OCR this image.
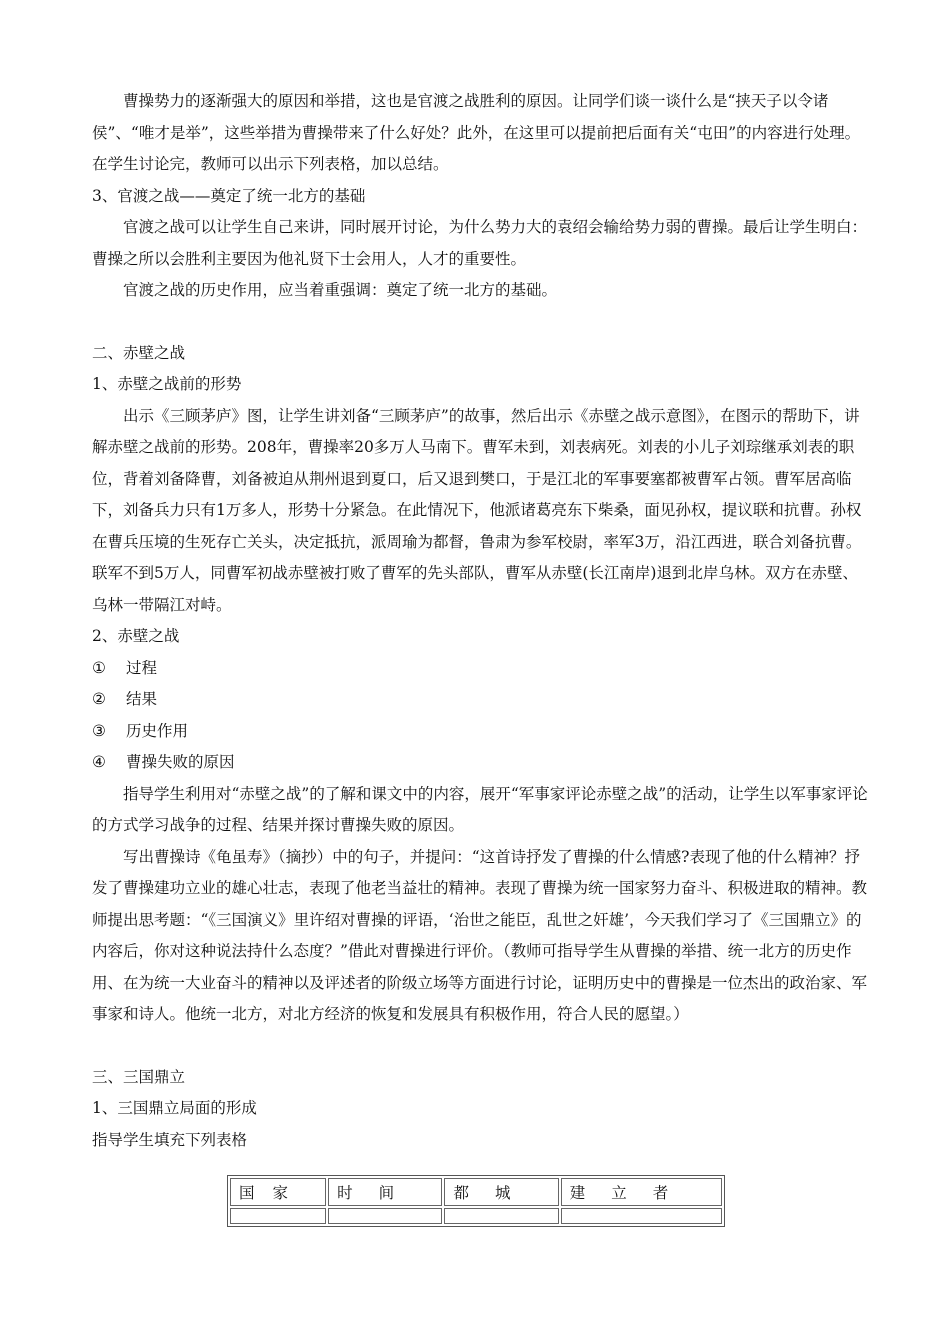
曹操势力的逐渐强大的原因和举措，这也是官渡之战胜利的原因。让同学们谈一谈什么是“挟天子以令诸侯”、“唯才是举”，这些举措为曹操带来了什么好处？此外，在这里可以提前把后面有关“屯田”的内容进行处理。在学生讨论完，教师可以出示下列表格，加以总结。

3、官渡之战——奠定了统一北方的基础

官渡之战可以让学生自己来讲，同时展开讨论，为什么势力大的袁绍会输给势力弱的曹操。最后让学生明白：曹操之所以会胜利主要因为他礼贤下士会用人，人才的重要性。

官渡之战的历史作用，应当着重强调：奠定了统一北方的基础。

二、赤壁之战

1、赤壁之战前的形势

出示《三顾茅庐》图，让学生讲刘备“三顾茅庐”的故事，然后出示《赤壁之战示意图》，在图示的帮助下，讲解赤壁之战前的形势。208年，曹操率20多万人马南下。曹军未到，刘表病死。刘表的小儿子刘琮继承刘表的职位，背着刘备降曹，刘备被迫从荆州退到夏口，后又退到樊口，于是江北的军事要塞都被曹军占领。曹军居高临下，刘备兵力只有1万多人，形势十分紧急。在此情况下，他派诸葛亮东下柴桑，面见孙权，提议联和抗曹。孙权在曹兵压境的生死存亡关头，决定抵抗，派周瑜为都督，鲁肃为参军校尉，率军3万，沿江西进，联合刘备抗曹。联军不到5万人，同曹军初战赤壁被打败了曹军的先头部队，曹军从赤壁(长江南岸)退到北岸乌林。双方在赤壁、乌林一带隔江对峙。

2、赤壁之战

① 过程

② 结果

③ 历史作用

④ 曹操失败的原因

指导学生利用对“赤壁之战”的了解和课文中的内容，展开“军事家评论赤壁之战”的活动，让学生以军事家评论的方式学习战争的过程、结果并探讨曹操失败的原因。

写出曹操诗《龟虽寿》（摘抄）中的句子，并提问：“这首诗抒发了曹操的什么情感?表现了他的什么精神？抒发了曹操建功立业的雄心壮志，表现了他老当益壮的精神。表现了曹操为统一国家努力奋斗、积极进取的精神。教师提出思考题：“《三国演义》里许绍对曹操的评语，‘治世之能臣，乱世之奸雄’，今天我们学习了《三国鼎立》的内容后，你对这种说法持什么态度？”借此对曹操进行评价。（教师可指导学生从曹操的举措、统一北方的历史作用、在为统一大业奋斗的精神以及评述者的阶级立场等方面进行讨论，证明历史中的曹操是一位杰出的政治家、军事家和诗人。他统一北方，对北方经济的恢复和发展具有积极作用，符合人民的愿望。）

三、三国鼎立

1、三国鼎立局面的形成

指导学生填充下列表格

国家	时间	都城	建立者
